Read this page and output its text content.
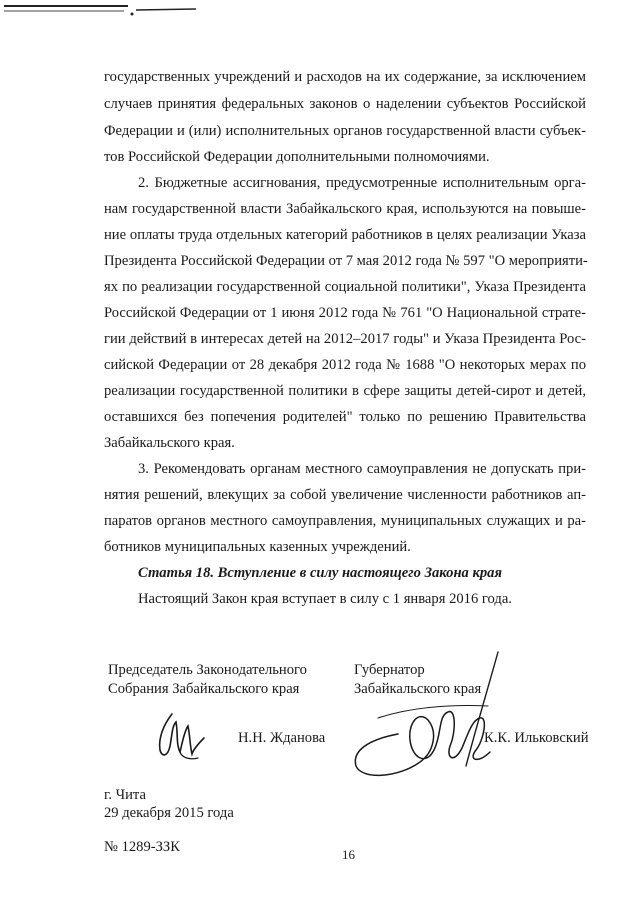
государственных учреждений и расходов на их содержание, за исключением
случаев принятия федеральных законов о наделении субъектов Российской
Федерации и (или) исполнительных органов государственной власти субъек-
тов Российской Федерации дополнительными полномочиями.
2. Бюджетные ассигнования, предусмотренные исполнительным орга-
нам государственной власти Забайкальского края, используются на повыше-
ние оплаты труда отдельных категорий работников в целях реализации Указа
Президента Российской Федерации от 7 мая 2012 года № 597 "О мероприяти-
ях по реализации государственной социальной политики", Указа Президента
Российской Федерации от 1 июня 2012 года № 761 "О Национальной страте-
гии действий в интересах детей на 2012–2017 годы" и Указа Президента Рос-
сийской Федерации от 28 декабря 2012 года № 1688 "О некоторых мерах по
реализации государственной политики в сфере защиты детей-сирот и детей,
оставшихся без попечения родителей" только по решению Правительства
Забайкальского края.
3. Рекомендовать органам местного самоуправления не допускать при-
нятия решений, влекущих за собой увеличение численности работников ап-
паратов органов местного самоуправления, муниципальных служащих и ра-
ботников муниципальных казенных учреждений.
Статья 18. Вступление в силу настоящего Закона края
Настоящий Закон края вступает в силу с 1 января 2016 года.
Председатель Законодательного
Собрания Забайкальского края
Губернатор
Забайкальского края
Н.Н. Жданова	К.К. Ильковский
г. Чита
29 декабря 2015 года
№ 1289-ЗЗК	16
